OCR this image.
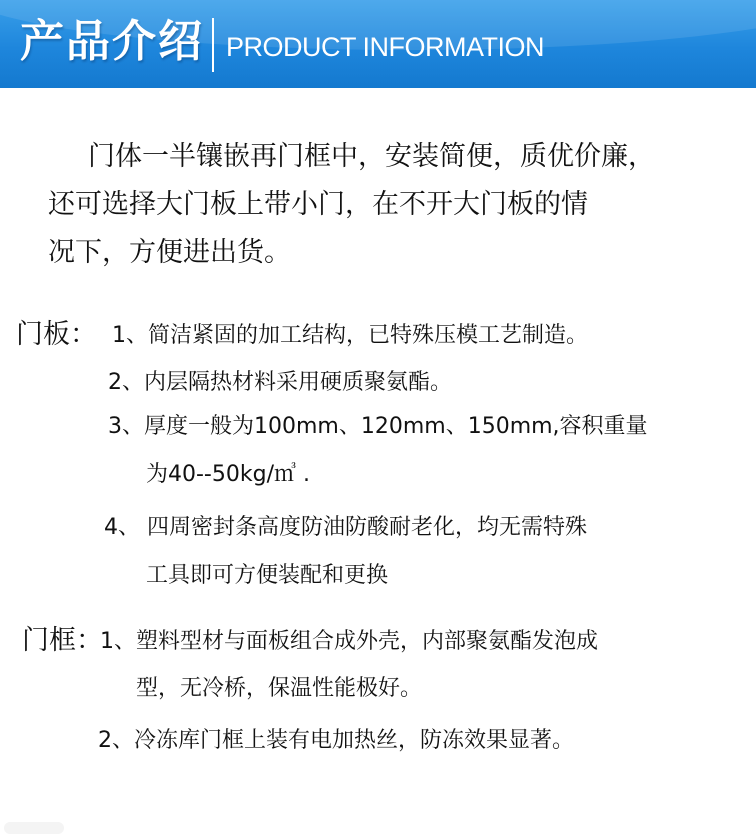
产品介绍 PRODUCT INFORMATION
门体一半镶嵌再门框中，安装简便，质优价廉，
还可选择大门板上带小门，在不开大门板的情
况下，方便进出货。
门板： 1、简洁紧固的加工结构，已特殊压模工艺制造。
2、内层隔热材料采用硬质聚氨酯。
3、厚度一般为100mm、120mm、150mm,容积重量
为40--50kg/㎥ .
4、 四周密封条高度防油防酸耐老化，均无需特殊
工具即可方便装配和更换
门框：
1、塑料型材与面板组合成外壳，内部聚氨酯发泡成
型，无冷桥，保温性能极好。
2、冷冻库门框上装有电加热丝，防冻效果显著。
